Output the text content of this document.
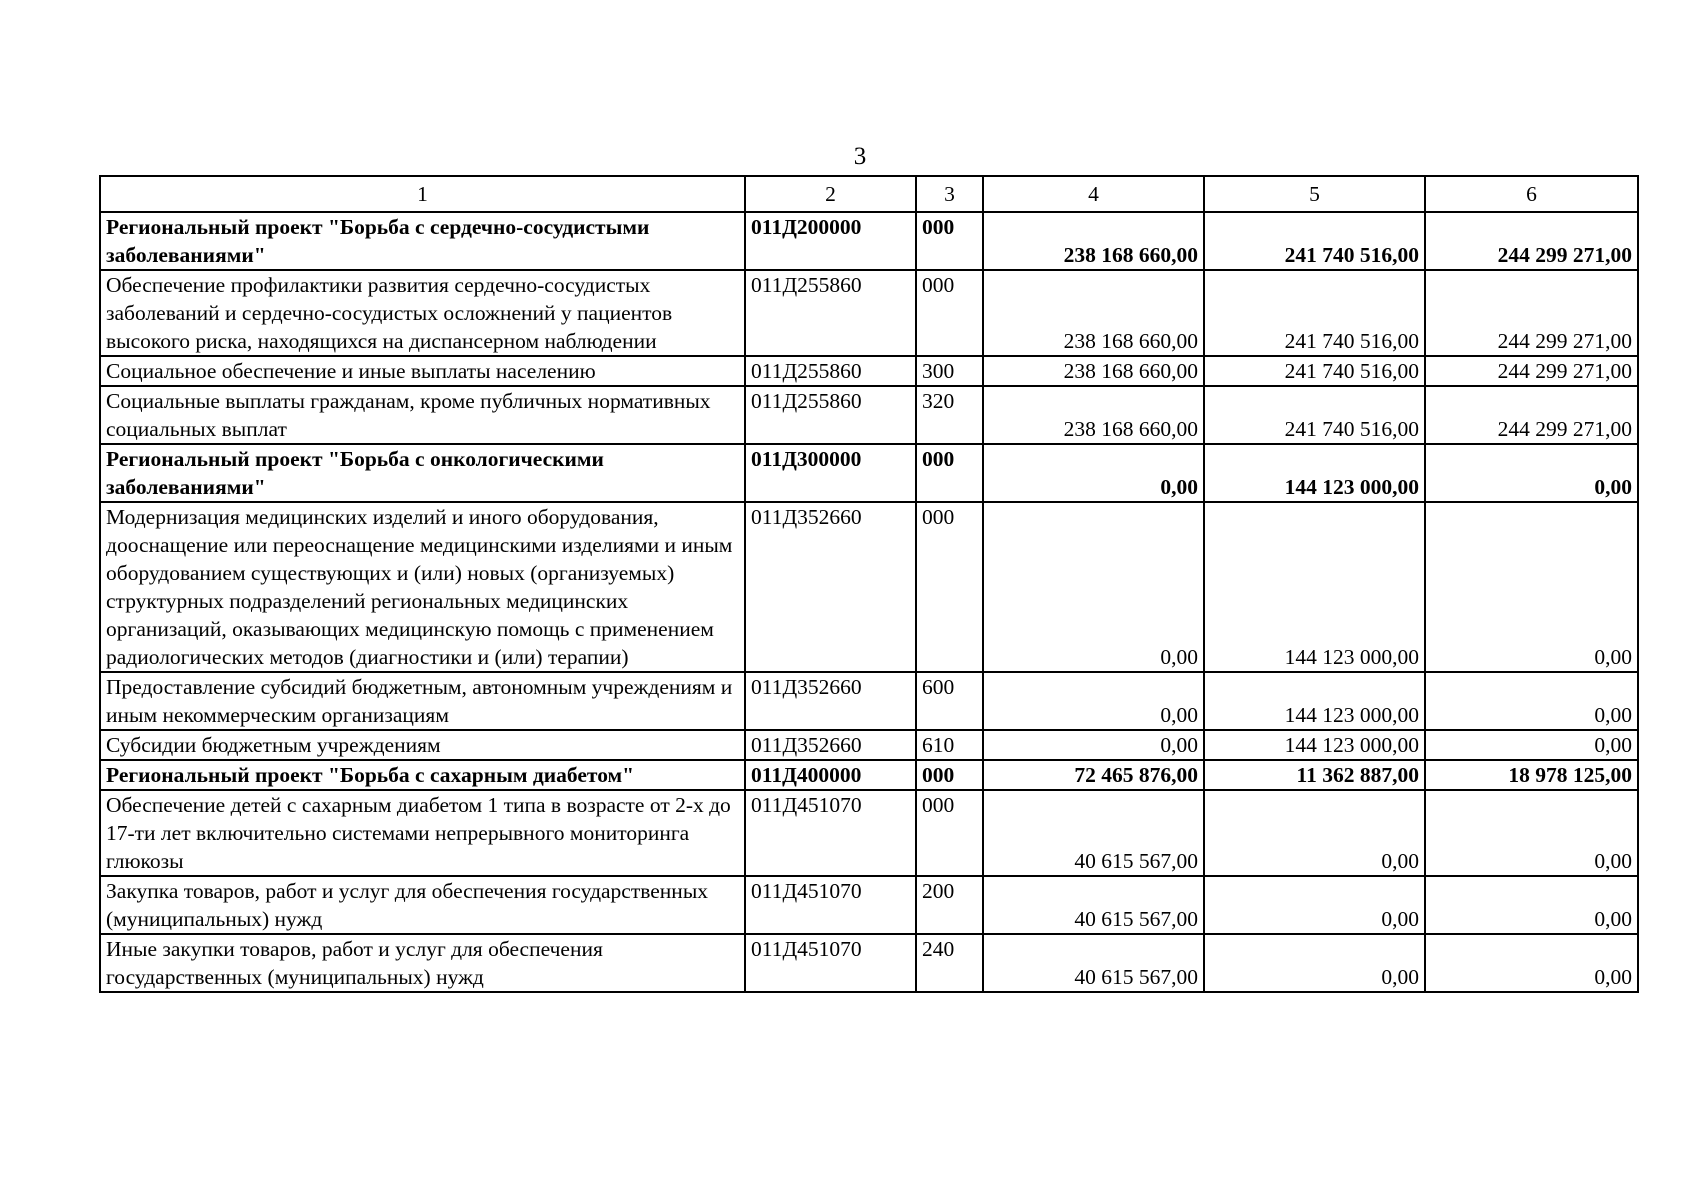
3
1	2	3	4	5	6
Региональный проект "Борьба с сердечно-сосудистыми заболеваниями"	011Д200000	000	238 168 660,00	241 740 516,00	244 299 271,00
Обеспечение профилактики развития сердечно-сосудистых заболеваний и сердечно-сосудистых осложнений у пациентов высокого риска, находящихся на диспансерном наблюдении	011Д255860	000	238 168 660,00	241 740 516,00	244 299 271,00
Социальное обеспечение и иные выплаты населению	011Д255860	300	238 168 660,00	241 740 516,00	244 299 271,00
Социальные выплаты гражданам, кроме публичных нормативных социальных выплат	011Д255860	320	238 168 660,00	241 740 516,00	244 299 271,00
Региональный проект "Борьба с онкологическими заболеваниями"	011Д300000	000	0,00	144 123 000,00	0,00
Модернизация медицинских изделий и иного оборудования, дооснащение или переоснащение медицинскими изделиями и иным оборудованием существующих и (или) новых (организуемых) структурных подразделений региональных медицинских организаций, оказывающих медицинскую помощь с применением радиологических методов (диагностики и (или) терапии)	011Д352660	000	0,00	144 123 000,00	0,00
Предоставление субсидий бюджетным, автономным учреждениям и иным некоммерческим организациям	011Д352660	600	0,00	144 123 000,00	0,00
Субсидии бюджетным учреждениям	011Д352660	610	0,00	144 123 000,00	0,00
Региональный проект "Борьба с сахарным диабетом"	011Д400000	000	72 465 876,00	11 362 887,00	18 978 125,00
Обеспечение детей с сахарным диабетом 1 типа в возрасте от 2-х до 17-ти лет включительно системами непрерывного мониторинга глюкозы	011Д451070	000	40 615 567,00	0,00	0,00
Закупка товаров, работ и услуг для обеспечения государственных (муниципальных) нужд	011Д451070	200	40 615 567,00	0,00	0,00
Иные закупки товаров, работ и услуг для обеспечения государственных (муниципальных) нужд	011Д451070	240	40 615 567,00	0,00	0,00
